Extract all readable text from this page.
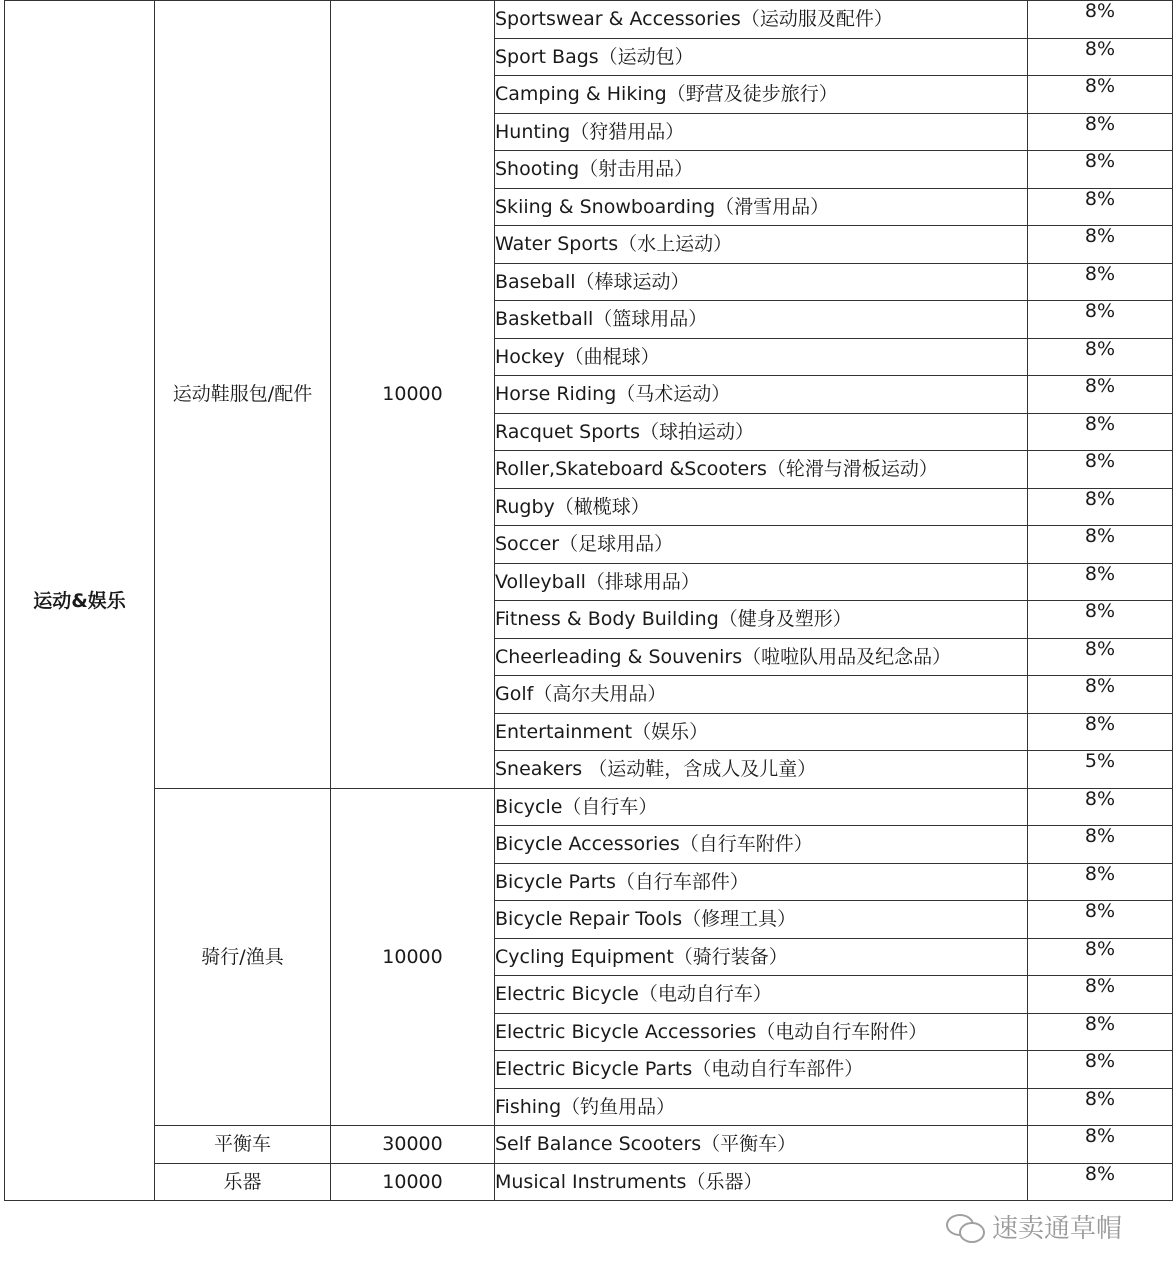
运动&娱乐	运动鞋服包/配件	10000	Sportswear & Accessories（运动服及配件）	8%
			Sport Bags（运动包）	8%
			Camping & Hiking（野营及徒步旅行）	8%
			Hunting（狩猎用品）	8%
			Shooting（射击用品）	8%
			Skiing & Snowboarding（滑雪用品）	8%
			Water Sports（水上运动）	8%
			Baseball（棒球运动）	8%
			Basketball（篮球用品）	8%
			Hockey（曲棍球）	8%
			Horse Riding（马术运动）	8%
			Racquet Sports（球拍运动）	8%
			Roller,Skateboard &Scooters（轮滑与滑板运动）	8%
			Rugby（橄榄球）	8%
			Soccer（足球用品）	8%
			Volleyball（排球用品）	8%
			Fitness & Body Building（健身及塑形）	8%
			Cheerleading & Souvenirs（啦啦队用品及纪念品）	8%
			Golf（高尔夫用品）	8%
			Entertainment（娱乐）	8%
			Sneakers （运动鞋，含成人及儿童）	5%
	骑行/渔具	10000	Bicycle（自行车）	8%
			Bicycle Accessories（自行车附件）	8%
			Bicycle Parts（自行车部件）	8%
			Bicycle Repair Tools（修理工具）	8%
			Cycling Equipment（骑行装备）	8%
			Electric Bicycle（电动自行车）	8%
			Electric Bicycle Accessories（电动自行车附件）	8%
			Electric Bicycle Parts（电动自行车部件）	8%
			Fishing（钓鱼用品）	8%
	平衡车	30000	Self Balance Scooters（平衡车）	8%
	乐器	10000	Musical Instruments（乐器）	8%
速卖通草帽
